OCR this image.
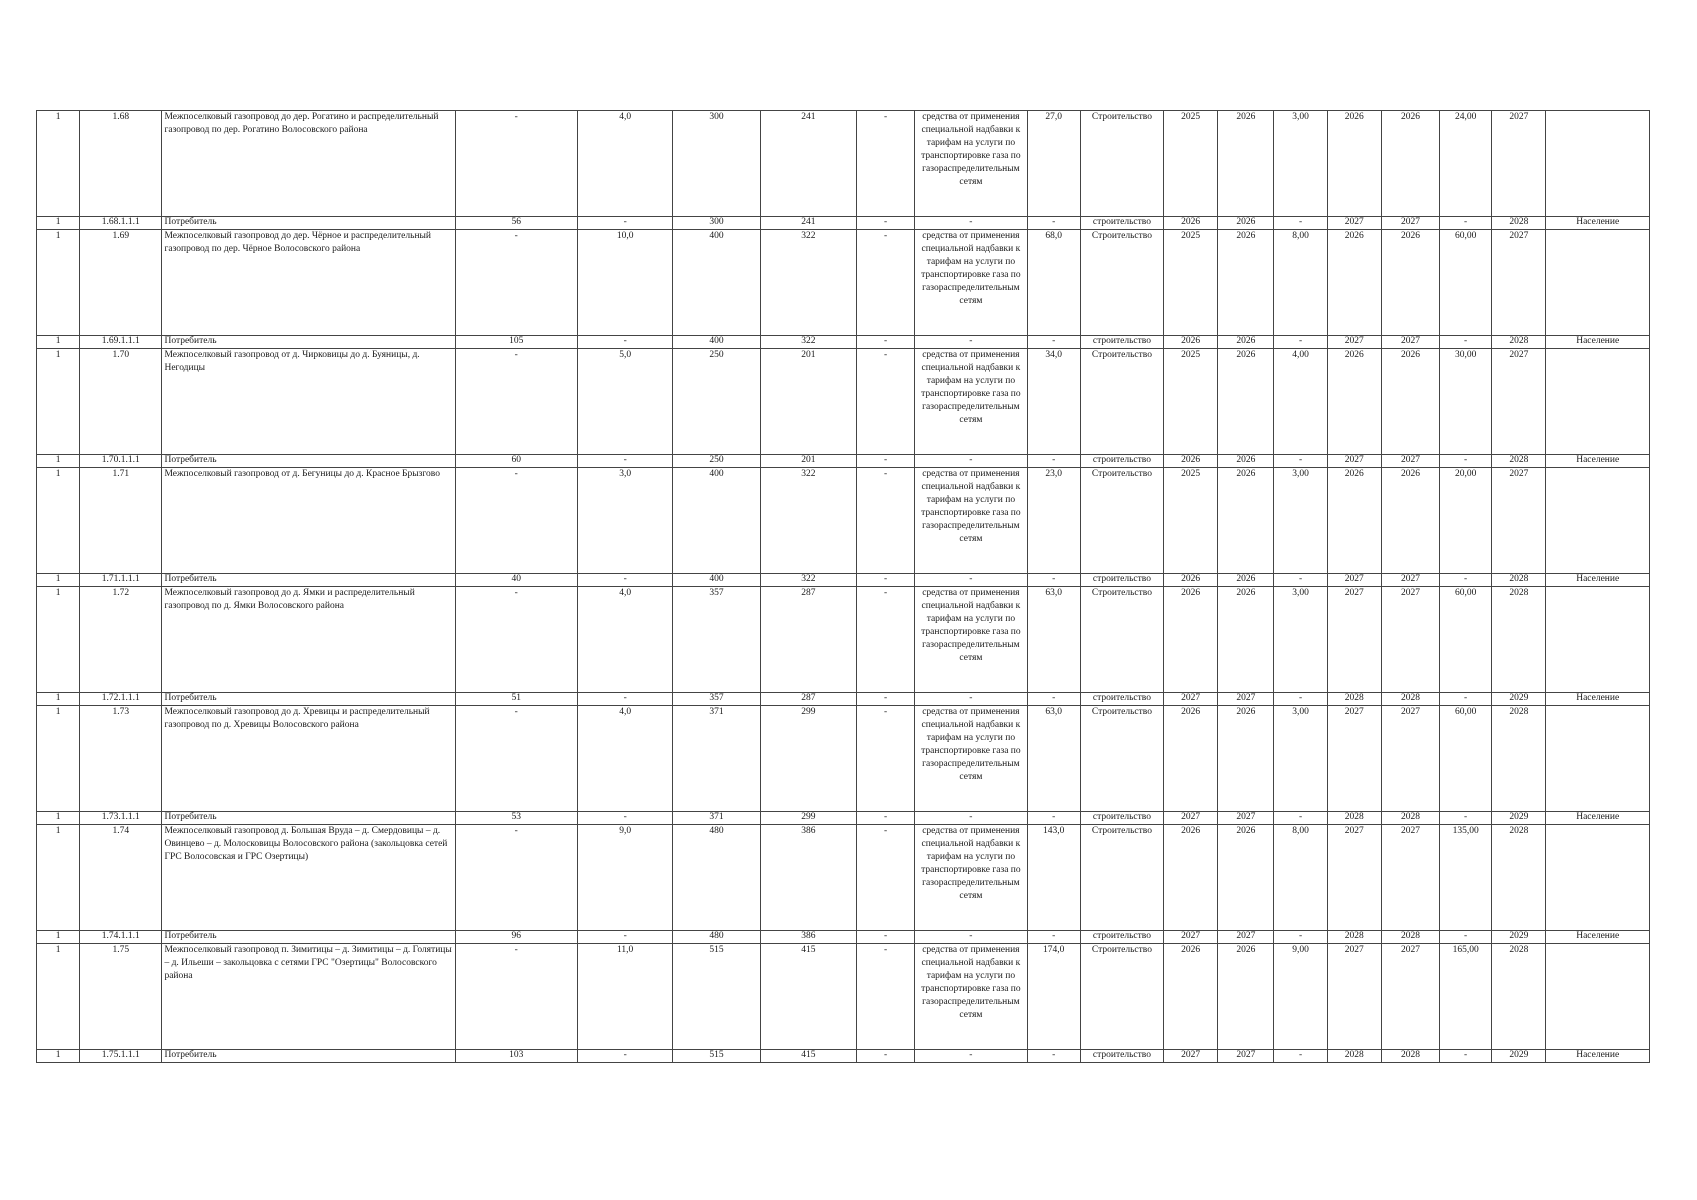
1	1.68	Межпоселковый газопровод до дер. Рогатино и распределительный газопровод по дер. Рогатино Волосовского района	-	4,0	300	241	-	средства от применения специальной надбавки к тарифам на услуги по транспортировке газа по газораспределительным сетям	27,0	Строительство	2025	2026	3,00	2026	2026	24,00	2027	
1	1.68.1.1.1	Потребитель	56	-	300	241	-	-	-	строительство	2026	2026	-	2027	2027	-	2028	Население
1	1.69	Межпоселковый газопровод до дер. Чёрное и распределительный газопровод по дер. Чёрное Волосовского района	-	10,0	400	322	-	средства от применения специальной надбавки к тарифам на услуги по транспортировке газа по газораспределительным сетям	68,0	Строительство	2025	2026	8,00	2026	2026	60,00	2027	
1	1.69.1.1.1	Потребитель	105	-	400	322	-	-	-	строительство	2026	2026	-	2027	2027	-	2028	Население
1	1.70	Межпоселковый газопровод от д. Чирковицы до д. Буяницы, д. Негодицы	-	5,0	250	201	-	средства от применения специальной надбавки к тарифам на услуги по транспортировке газа по газораспределительным сетям	34,0	Строительство	2025	2026	4,00	2026	2026	30,00	2027	
1	1.70.1.1.1	Потребитель	60	-	250	201	-	-	-	строительство	2026	2026	-	2027	2027	-	2028	Население
1	1.71	Межпоселковый газопровод от д. Бегуницы до д. Красное Брызгово	-	3,0	400	322	-	средства от применения специальной надбавки к тарифам на услуги по транспортировке газа по газораспределительным сетям	23,0	Строительство	2025	2026	3,00	2026	2026	20,00	2027	
1	1.71.1.1.1	Потребитель	40	-	400	322	-	-	-	строительство	2026	2026	-	2027	2027	-	2028	Население
1	1.72	Межпоселковый газопровод до д. Ямки и распределительный газопровод по д. Ямки Волосовского района	-	4,0	357	287	-	средства от применения специальной надбавки к тарифам на услуги по транспортировке газа по газораспределительным сетям	63,0	Строительство	2026	2026	3,00	2027	2027	60,00	2028	
1	1.72.1.1.1	Потребитель	51	-	357	287	-	-	-	строительство	2027	2027	-	2028	2028	-	2029	Население
1	1.73	Межпоселковый газопровод до д. Хревицы и распределительный газопровод по д. Хревицы Волосовского района	-	4,0	371	299	-	средства от применения специальной надбавки к тарифам на услуги по транспортировке газа по газораспределительным сетям	63,0	Строительство	2026	2026	3,00	2027	2027	60,00	2028	
1	1.73.1.1.1	Потребитель	53	-	371	299	-	-	-	строительство	2027	2027	-	2028	2028	-	2029	Население
1	1.74	Межпоселковый газопровод д. Большая Вруда – д. Смердовицы – д. Овинцево – д. Молосковицы Волосовского района (закольцовка сетей ГРС Волосовская и ГРС Озертицы)	-	9,0	480	386	-	средства от применения специальной надбавки к тарифам на услуги по транспортировке газа по газораспределительным сетям	143,0	Строительство	2026	2026	8,00	2027	2027	135,00	2028	
1	1.74.1.1.1	Потребитель	96	-	480	386	-	-	-	строительство	2027	2027	-	2028	2028	-	2029	Население
1	1.75	Межпоселковый газопровод п. Зимитицы – д. Зимитицы – д. Голятицы – д. Ильеши – закольцовка с сетями ГРС "Озертицы" Волосовского района	-	11,0	515	415	-	средства от применения специальной надбавки к тарифам на услуги по транспортировке газа по газораспределительным сетям	174,0	Строительство	2026	2026	9,00	2027	2027	165,00	2028	
1	1.75.1.1.1	Потребитель	103	-	515	415	-	-	-	строительство	2027	2027	-	2028	2028	-	2029	Население
